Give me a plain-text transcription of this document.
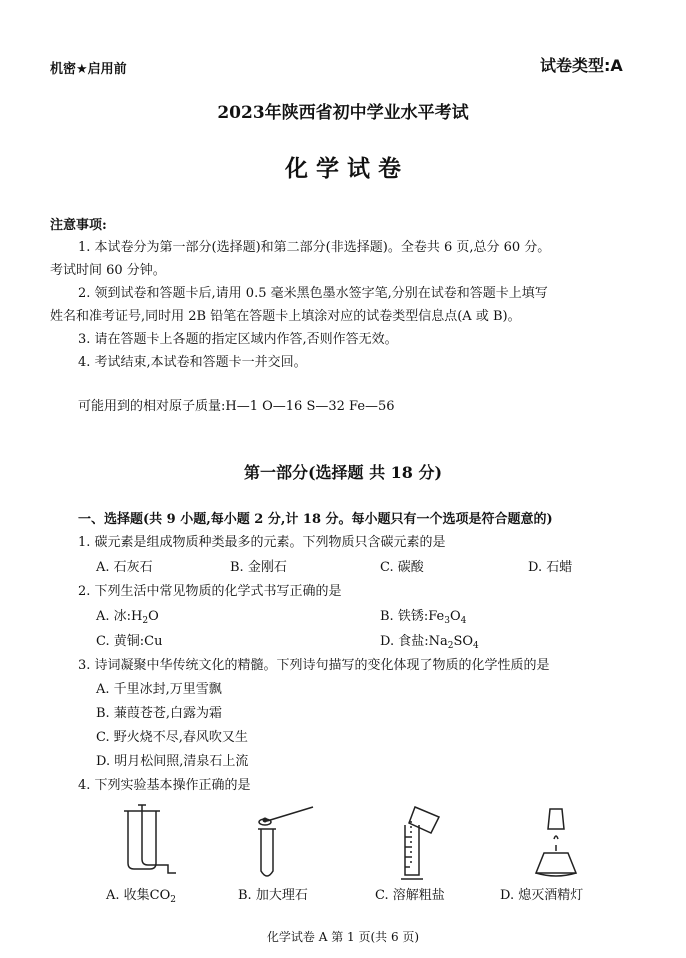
机密★启用前	试卷类型:A
2023年陕西省初中学业水平考试
化 学 试 卷
注意事项:
1. 本试卷分为第一部分(选择题)和第二部分(非选择题)。全卷共 6 页,总分 60 分。
考试时间 60 分钟。
2. 领到试卷和答题卡后,请用 0.5 毫米黑色墨水签字笔,分别在试卷和答题卡上填写
姓名和准考证号,同时用 2B 铅笔在答题卡上填涂对应的试卷类型信息点(A 或 B)。
3. 请在答题卡上各题的指定区域内作答,否则作答无效。
4. 考试结束,本试卷和答题卡一并交回。
可能用到的相对原子质量:H—1 O—16 S—32 Fe—56
第一部分(选择题 共 18 分)
一、选择题(共 9 小题,每小题 2 分,计 18 分。每小题只有一个选项是符合题意的)
1. 碳元素是组成物质种类最多的元素。下列物质只含碳元素的是
A. 石灰石	B. 金刚石	C. 碳酸	D. 石蜡
2. 下列生活中常见物质的化学式书写正确的是
A. 冰$:H_2O$	B. 铁锈$:Fe_3O_4$
C. 黄铜:Cu	D. 食盐$:Na_2SO_4$
3. 诗词凝聚中华传统文化的精髓。下列诗句描写的变化体现了物质的化学性质的是
A. 千里冰封,万里雪飘
B. 蒹葭苍苍,白露为霜
C. 野火烧不尽,春风吹又生
D. 明月松间照,清泉石上流
4. 下列实验基本操作正确的是
A. 收集$CO_2$	B. 加大理石	C. 溶解粗盐	D. 熄灭酒精灯
化学试卷 A 第 1 页(共 6 页)
